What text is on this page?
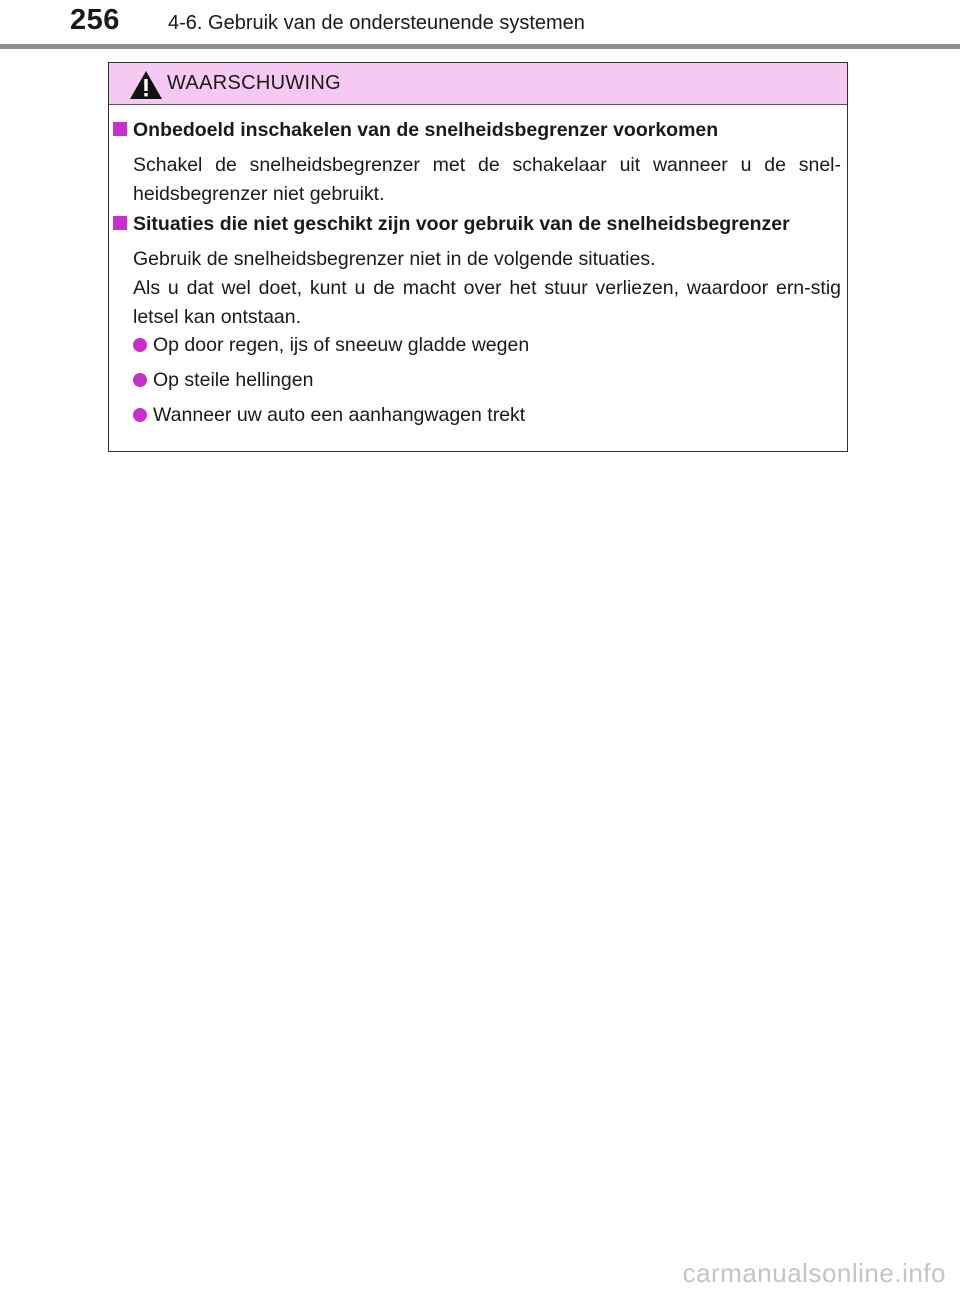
256 4-6. Gebruik van de ondersteunende systemen
WAARSCHUWING
Onbedoeld inschakelen van de snelheidsbegrenzer voorkomen
Schakel de snelheidsbegrenzer met de schakelaar uit wanneer u de snel-heidsbegrenzer niet gebruikt.
Situaties die niet geschikt zijn voor gebruik van de snelheidsbegrenzer
Gebruik de snelheidsbegrenzer niet in de volgende situaties.
Als u dat wel doet, kunt u de macht over het stuur verliezen, waardoor ern-stig letsel kan ontstaan.
Op door regen, ijs of sneeuw gladde wegen
Op steile hellingen
Wanneer uw auto een aanhangwagen trekt
carmanualsonline.info
